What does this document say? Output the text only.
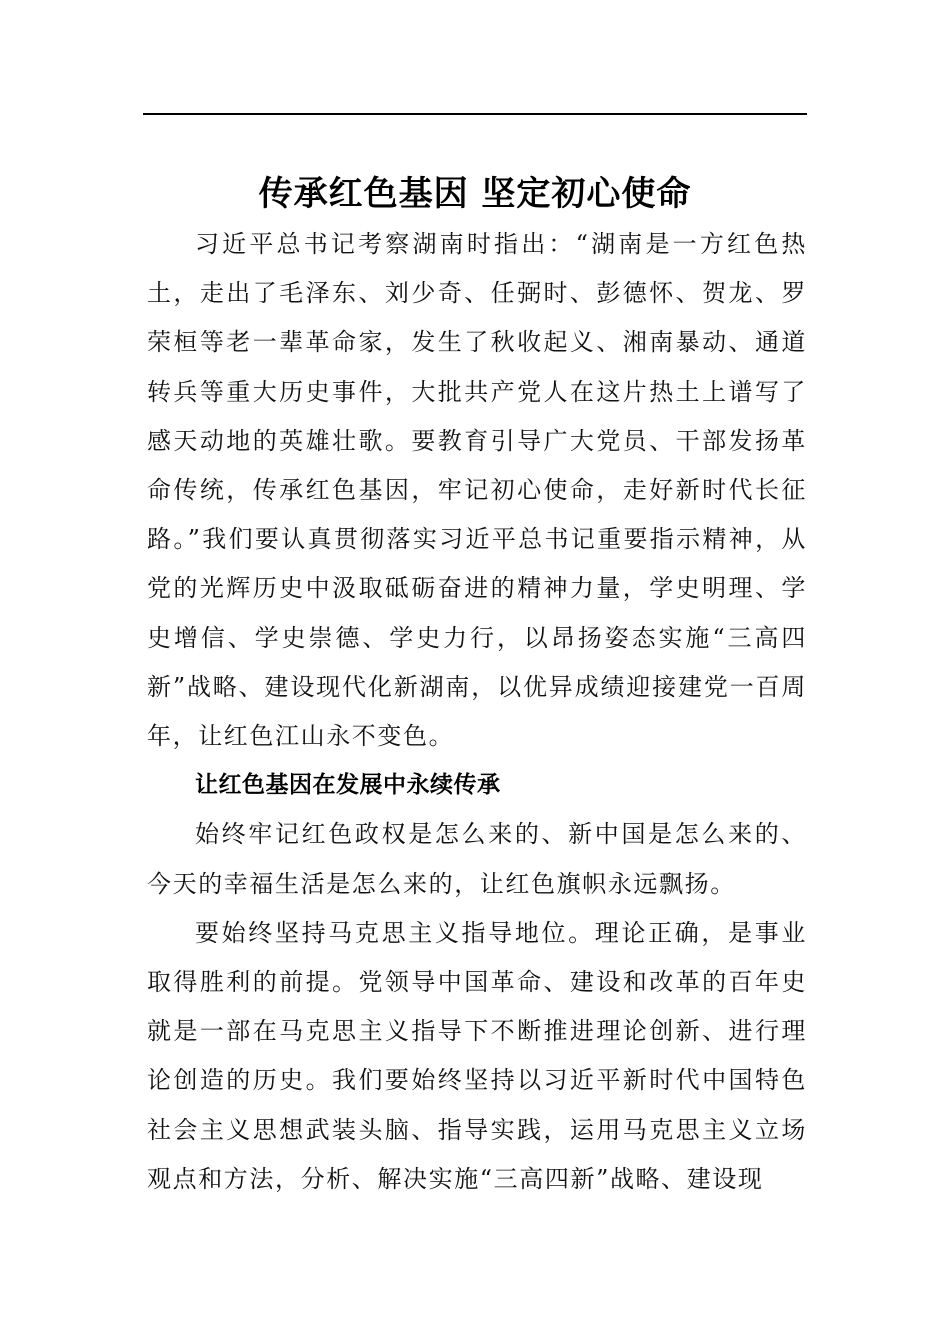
传承红色基因 坚定初心使命

习近平总书记考察湖南时指出：“湖南是一方红色热土，走出了毛泽东、刘少奇、任弼时、彭德怀、贺龙、罗荣桓等老一辈革命家，发生了秋收起义、湘南暴动、通道转兵等重大历史事件，大批共产党人在这片热土上谱写了感天动地的英雄壮歌。要教育引导广大党员、干部发扬革命传统，传承红色基因，牢记初心使命，走好新时代长征路。”我们要认真贯彻落实习近平总书记重要指示精神，从党的光辉历史中汲取砥砺奋进的精神力量，学史明理、学史增信、学史崇德、学史力行，以昂扬姿态实施“三高四新”战略、建设现代化新湖南，以优异成绩迎接建党一百周年，让红色江山永不变色。

让红色基因在发展中永续传承

始终牢记红色政权是怎么来的、新中国是怎么来的、今天的幸福生活是怎么来的，让红色旗帜永远飘扬。

要始终坚持马克思主义指导地位。理论正确，是事业取得胜利的前提。党领导中国革命、建设和改革的百年史就是一部在马克思主义指导下不断推进理论创新、进行理论创造的历史。我们要始终坚持以习近平新时代中国特色社会主义思想武装头脑、指导实践，运用马克思主义立场观点和方法，分析、解决实施“三高四新”战略、建设现
